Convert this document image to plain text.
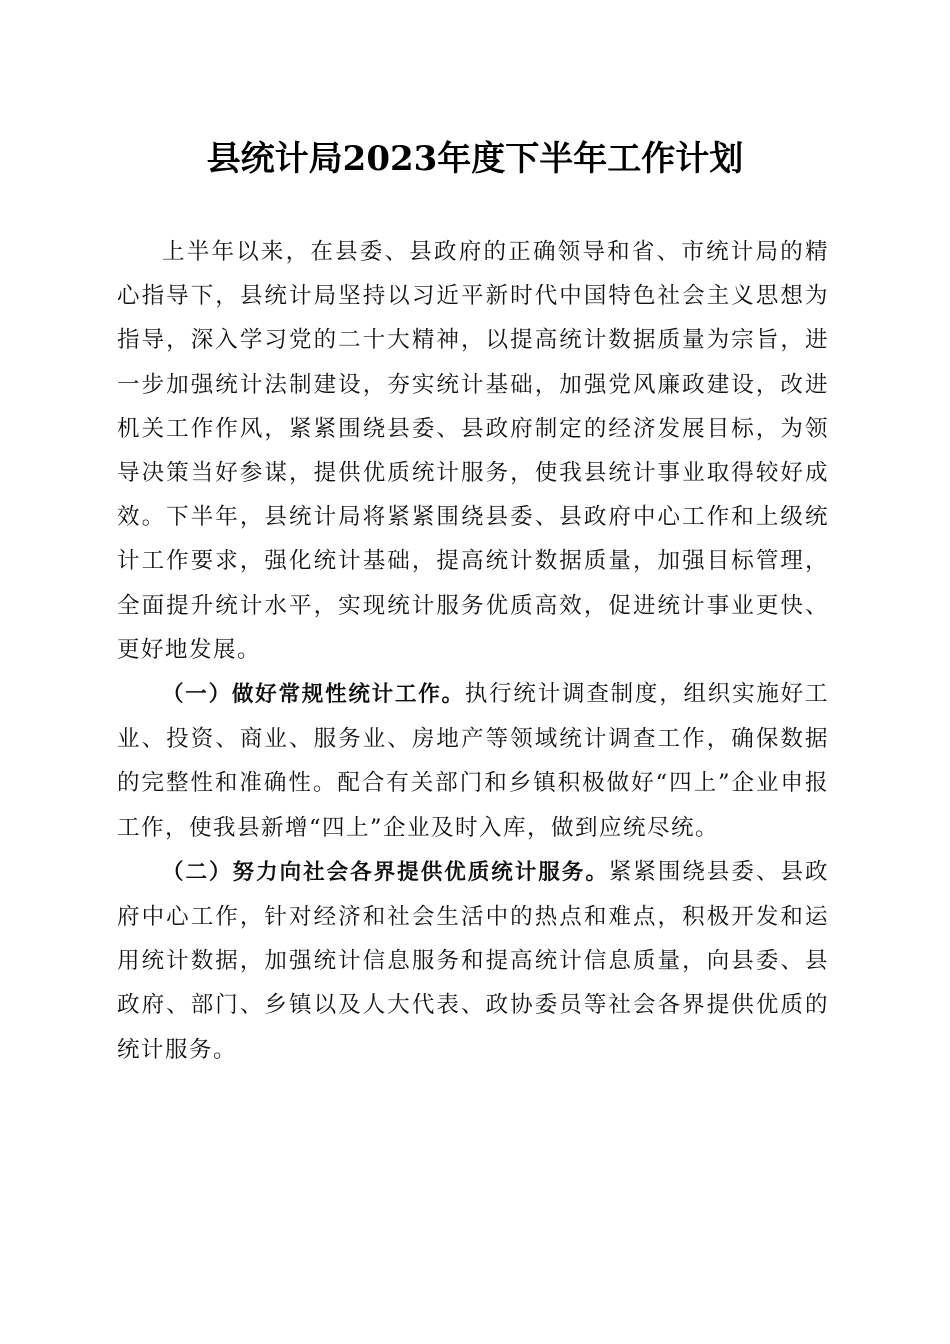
县统计局2023年度下半年工作计划

上半年以来，在县委、县政府的正确领导和省、市统计局的精心指导下，县统计局坚持以习近平新时代中国特色社会主义思想为指导，深入学习党的二十大精神，以提高统计数据质量为宗旨，进一步加强统计法制建设，夯实统计基础，加强党风廉政建设，改进机关工作作风，紧紧围绕县委、县政府制定的经济发展目标，为领导决策当好参谋，提供优质统计服务，使我县统计事业取得较好成效。下半年，县统计局将紧紧围绕县委、县政府中心工作和上级统计工作要求，强化统计基础，提高统计数据质量，加强目标管理，全面提升统计水平，实现统计服务优质高效，促进统计事业更快、更好地发展。

（一）做好常规性统计工作。执行统计调查制度，组织实施好工业、投资、商业、服务业、房地产等领域统计调查工作，确保数据的完整性和准确性。配合有关部门和乡镇积极做好“四上”企业申报工作，使我县新增“四上”企业及时入库，做到应统尽统。

（二）努力向社会各界提供优质统计服务。紧紧围绕县委、县政府中心工作，针对经济和社会生活中的热点和难点，积极开发和运用统计数据，加强统计信息服务和提高统计信息质量，向县委、县政府、部门、乡镇以及人大代表、政协委员等社会各界提供优质的统计服务。
